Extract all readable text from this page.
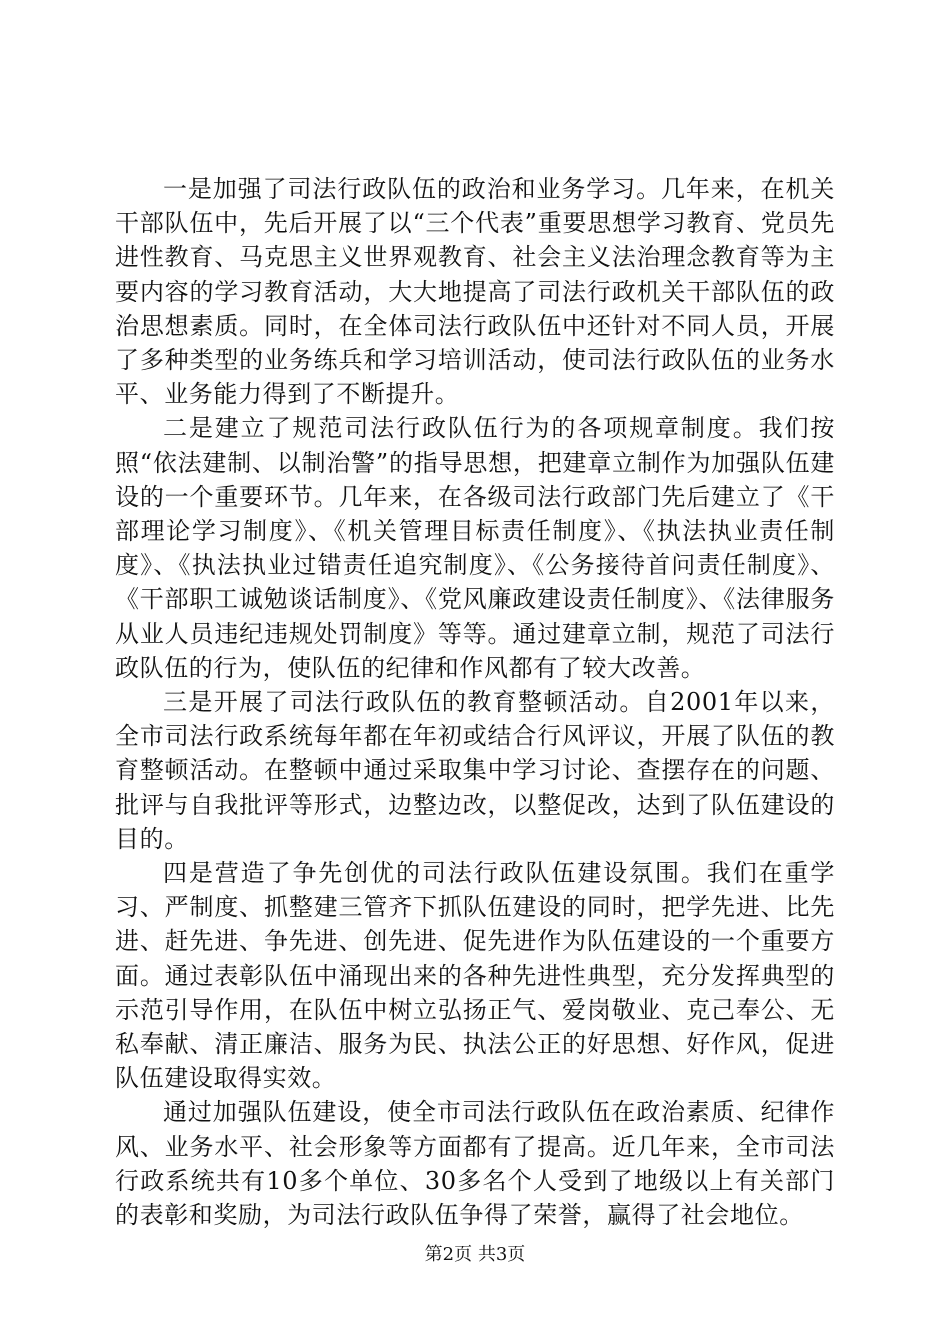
一是加强了司法行政队伍的政治和业务学习。几年来，在机关干部队伍中，先后开展了以“三个代表”重要思想学习教育、党员先进性教育、马克思主义世界观教育、社会主义法治理念教育等为主要内容的学习教育活动，大大地提高了司法行政机关干部队伍的政治思想素质。同时，在全体司法行政队伍中还针对不同人员，开展了多种类型的业务练兵和学习培训活动，使司法行政队伍的业务水平、业务能力得到了不断提升。

二是建立了规范司法行政队伍行为的各项规章制度。我们按照“依法建制、以制治警”的指导思想，把建章立制作为加强队伍建设的一个重要环节。几年来，在各级司法行政部门先后建立了《干部理论学习制度》、《机关管理目标责任制度》、《执法执业责任制度》、《执法执业过错责任追究制度》、《公务接待首问责任制度》、《干部职工诚勉谈话制度》、《党风廉政建设责任制度》、《法律服务从业人员违纪违规处罚制度》等等。通过建章立制，规范了司法行政队伍的行为，使队伍的纪律和作风都有了较大改善。

三是开展了司法行政队伍的教育整顿活动。自2001年以来，全市司法行政系统每年都在年初或结合行风评议，开展了队伍的教育整顿活动。在整顿中通过采取集中学习讨论、查摆存在的问题、批评与自我批评等形式，边整边改，以整促改，达到了队伍建设的目的。

四是营造了争先创优的司法行政队伍建设氛围。我们在重学习、严制度、抓整建三管齐下抓队伍建设的同时，把学先进、比先进、赶先进、争先进、创先进、促先进作为队伍建设的一个重要方面。通过表彰队伍中涌现出来的各种先进性典型，充分发挥典型的示范引导作用，在队伍中树立弘扬正气、爱岗敬业、克己奉公、无私奉献、清正廉洁、服务为民、执法公正的好思想、好作风，促进队伍建设取得实效。

通过加强队伍建设，使全市司法行政队伍在政治素质、纪律作风、业务水平、社会形象等方面都有了提高。近几年来，全市司法行政系统共有10多个单位、30多名个人受到了地级以上有关部门的表彰和奖励，为司法行政队伍争得了荣誉，赢得了社会地位。

第2页 共3页
